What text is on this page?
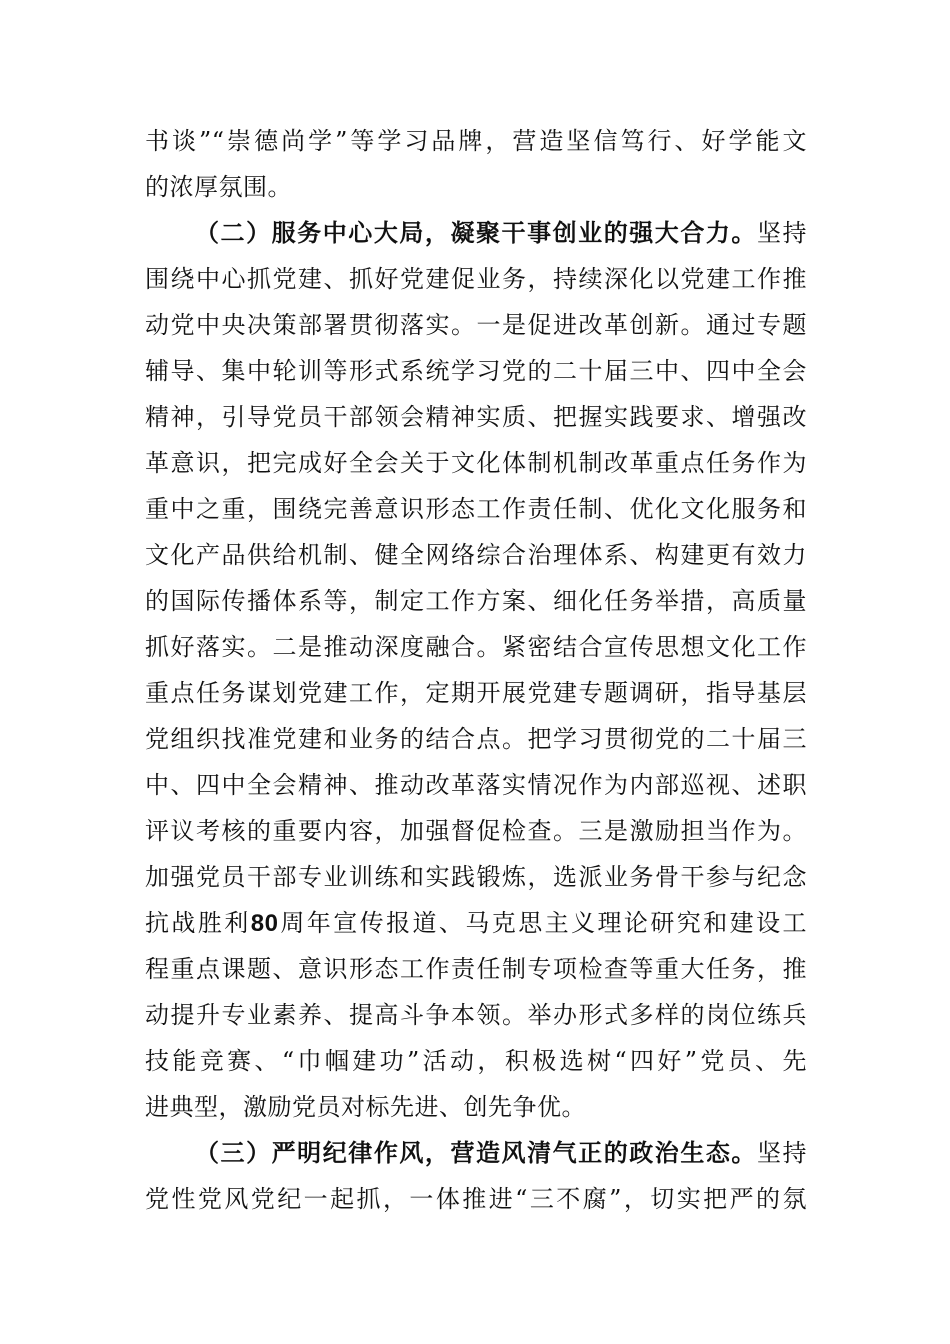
书谈”“崇德尚学”等学习品牌，营造坚信笃行、好学能文
的浓厚氛围。
（二）服务中心大局，凝聚干事创业的强大合力。坚持
围绕中心抓党建、抓好党建促业务，持续深化以党建工作推
动党中央决策部署贯彻落实。一是促进改革创新。通过专题
辅导、集中轮训等形式系统学习党的二十届三中、四中全会
精神，引导党员干部领会精神实质、把握实践要求、增强改
革意识，把完成好全会关于文化体制机制改革重点任务作为
重中之重，围绕完善意识形态工作责任制、优化文化服务和
文化产品供给机制、健全网络综合治理体系、构建更有效力
的国际传播体系等，制定工作方案、细化任务举措，高质量
抓好落实。二是推动深度融合。紧密结合宣传思想文化工作
重点任务谋划党建工作，定期开展党建专题调研，指导基层
党组织找准党建和业务的结合点。把学习贯彻党的二十届三
中、四中全会精神、推动改革落实情况作为内部巡视、述职
评议考核的重要内容，加强督促检查。三是激励担当作为。
加强党员干部专业训练和实践锻炼，选派业务骨干参与纪念
抗战胜利80周年宣传报道、马克思主义理论研究和建设工
程重点课题、意识形态工作责任制专项检查等重大任务，推
动提升专业素养、提高斗争本领。举办形式多样的岗位练兵
技能竞赛、“巾帼建功”活动，积极选树“四好”党员、先
进典型，激励党员对标先进、创先争优。
（三）严明纪律作风，营造风清气正的政治生态。坚持
党性党风党纪一起抓，一体推进“三不腐”，切实把严的氛
